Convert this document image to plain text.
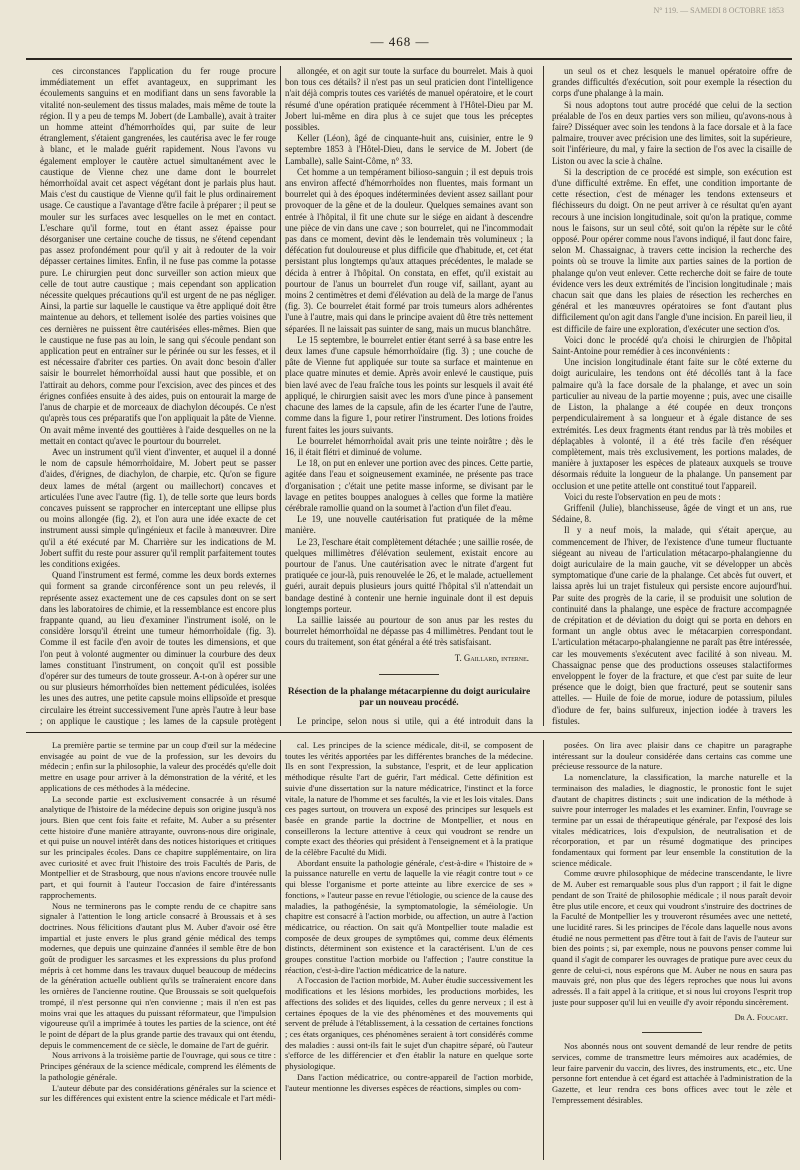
N° 119. — SAMEDI 8 OCTOBRE 1853
— 468 —

ces circonstances l'application du fer rouge procure immédiatement un effet avantageux, en supprimant les écoulements sanguins et en modifiant dans un sens favorable la vitalité non-seulement des tissus malades, mais même de toute la région. Il y a peu de temps M. Jobert (de Lamballe), avait à traiter un homme atteint d'hémorrhoïdes qui, par suite de leur étranglement, s'étaient gangrenées, les cautérisa avec le fer rouge à blanc, et le malade guérit rapidement. Nous l'avons vu également employer le cautère actuel simultanément avec le caustique de Vienne chez une dame dont le bourrelet hémorrhoïdal avait cet aspect végétant dont je parlais plus haut. Mais c'est du caustique de Vienne qu'il fait le plus ordinairement usage. Ce caustique a l'avantage d'être facile à préparer ; il peut se mouler sur les surfaces avec lesquelles on le met en contact. L'eschare qu'il forme, tout en étant assez épaisse pour désorganiser une certaine couche de tissus, ne s'étend cependant pas assez profondément pour qu'il y ait à redouter de la voir dépasser certaines limites. Enfin, il ne fuse pas comme la potasse pure. Le chirurgien peut donc surveiller son action mieux que celle de tout autre caustique ; mais cependant son application nécessite quelques précautions qu'il est urgent de ne pas négliger. Ainsi, la partie sur laquelle le caustique va être appliqué doit être maintenue au dehors, et tellement isolée des parties voisines que ces dernières ne puissent être cautérisées elles-mêmes. Bien que le caustique ne fuse pas au loin, le sang qui s'écoule pendant son application peut en entraîner sur le périnée ou sur les fesses, et il est nécessaire d'abriter ces parties. On avait donc besoin d'aller saisir le bourrelet hémorrhoïdal aussi haut que possible, et on l'attirait au dehors, comme pour l'excision, avec des pinces et des érignes confiées ensuite à des aides, puis on entourait la marge de l'anus de charpie et de morceaux de diachylon découpés. Ce n'est qu'après tous ces préparatifs que l'on appliquait la pâte de Vienne. On avait même inventé des gouttières à l'aide desquelles on ne la mettait en contact qu'avec le pourtour du bourrelet.

Avec un instrument qu'il vient d'inventer, et auquel il a donné le nom de capsule hémorrhoïdaire, M. Jobert peut se passer d'aides, d'érignes, de diachylon, de charpie, etc. Qu'on se figure deux lames de métal (argent ou maillechort) concaves et articulées l'une avec l'autre (fig. 1), de telle sorte que leurs bords concaves puissent se rapprocher en interceptant une ellipse plus ou moins allongée (fig. 2), et l'on aura une idée exacte de cet instrument aussi simple qu'ingénieux et facile à manœuvrer. Dire qu'il a été exécuté par M. Charrière sur les indications de M. Jobert suffit du reste pour assurer qu'il remplit parfaitement toutes les conditions exigées.

Quand l'instrument est fermé, comme les deux bords externes qui forment sa grande circonférence sont un peu relevés, il représente assez exactement une de ces capsules dont on se sert dans les laboratoires de chimie, et la ressemblance est encore plus frappante quand, au lieu d'examiner l'instrument isolé, on le considère lorsqu'il étreint une tumeur hémorrhoïdale (fig. 3). Comme il est facile d'en avoir de toutes les dimensions, et que l'on peut à volonté augmenter ou diminuer la courbure des deux lames constituant l'instrument, on conçoit qu'il est possible d'opérer sur des tumeurs de toute grosseur. A-t-on à opérer sur une ou sur plusieurs hémorrhoïdes bien nettement pédiculées, isolées les unes des autres, une petite capsule moins ellipsoïde et presque circulaire les étreint successivement l'une après l'autre à leur base ; on applique le caustique ; les lames de la capsule protègent

allongée, et on agit sur toute la surface du bourrelet. Mais à quoi bon tous ces détails? il n'est pas un seul praticien dont l'intelligence n'ait déjà compris toutes ces variétés de manuel opératoire, et le court résumé d'une opération pratiquée récemment à l'Hôtel-Dieu par M. Jobert lui-même en dira plus à ce sujet que tous les préceptes possibles.

Keller (Léon), âgé de cinquante-huit ans, cuisinier, entre le 9 septembre 1853 à l'Hôtel-Dieu, dans le service de M. Jobert (de Lamballe), salle Saint-Côme, n° 33.

Cet homme a un tempérament bilioso-sanguin ; il est depuis trois ans environ affecté d'hémorrhoïdes non fluentes, mais formant un bourrelet qui à des époques indéterminées devient assez saillant pour provoquer de la gêne et de la douleur. Quelques semaines avant son entrée à l'hôpital, il fit une chute sur le siége en aidant à descendre une pièce de vin dans une cave ; son bourrelet, qui ne l'incommodait pas dans ce moment, devint dès le lendemain très volumineux ; la défécation fut douloureuse et plus difficile que d'habitude, et, cet état persistant plus longtemps qu'aux attaques précédentes, le malade se décida à entrer à l'hôpital. On constata, en effet, qu'il existait au pourtour de l'anus un bourrelet d'un rouge vif, saillant, ayant au moins 2 centimètres et demi d'élévation au delà de la marge de l'anus (fig. 3). Ce bourrelet était formé par trois tumeurs alors adhérentes l'une à l'autre, mais qui dans le principe avaient dû être très nettement séparées. Il ne laissait pas suinter de sang, mais un mucus blanchâtre.

Le 15 septembre, le bourrelet entier étant serré à sa base entre les deux lames d'une capsule hémorrhoïdaire (fig. 3) ; une couche de pâte de Vienne fut appliquée sur toute sa surface et maintenue en place quatre minutes et demie. Après avoir enlevé le caustique, puis bien lavé avec de l'eau fraîche tous les points sur lesquels il avait été appliqué, le chirurgien saisit avec les mors d'une pince à pansement chacune des lames de la capsule, afin de les écarter l'une de l'autre, comme dans la figure 1, pour retirer l'instrument. Des lotions froides furent faites les jours suivants.

Le bourrelet hémorrhoïdal avait pris une teinte noirâtre ; dès le 16, il était flétri et diminué de volume.

Le 18, on put en enlever une portion avec des pinces. Cette partie, agitée dans l'eau et soigneusement examinée, ne présente pas trace d'organisation ; c'était une petite masse informe, se divisant par le lavage en petites bouppes analogues à celles que forme la matière cérébrale ramollie quand on la soumet à l'action d'un filet d'eau.

Le 19, une nouvelle cautérisation fut pratiquée de la même manière.

Le 23, l'eschare était complètement détachée ; une saillie rosée, de quelques millimètres d'élévation seulement, existait encore au pourtour de l'anus. Une cautérisation avec le nitrate d'argent fut pratiquée ce jour-là, puis renouvelée le 26, et le malade, actuellement guéri, aurait depuis plusieurs jours quitté l'hôpital s'il n'attendait un bandage destiné à contenir une hernie inguinale dont il est depuis longtemps porteur.

La saillie laissée au pourtour de son anus par les restes du bourrelet hémorrhoïdal ne dépasse pas 4 millimètres. Pendant tout le cours du traitement, son état général a été très satisfaisant.

T. Gaillard, interne.

Résection de la phalange métacarpienne du doigt auriculaire par un nouveau procédé.

Le principe, selon nous si utile, qui a été introduit dans la

un seul os et chez lesquels le manuel opératoire offre de grandes difficultés d'exécution, soit pour exemple la résection du corps d'une phalange à la main.

Si nous adoptons tout autre procédé que celui de la section préalable de l'os en deux parties vers son milieu, qu'avons-nous à faire? Disséquer avec soin les tendons à la face dorsale et à la face palmaire, trouver avec précision une des limites, soit la supérieure, soit l'inférieure, du mal, y faire la section de l'os avec la cisaille de Liston ou avec la scie à chaîne.

Si la description de ce procédé est simple, son exécution est d'une difficulté extrême. En effet, une condition importante de cette résection, c'est de ménager les tendons extenseurs et fléchisseurs du doigt. On ne peut arriver à ce résultat qu'en ayant recours à une incision longitudinale, soit qu'on la pratique, comme nous le faisons, sur un seul côté, soit qu'on la répète sur le côté opposé. Pour opérer comme nous l'avons indiqué, il faut donc faire, selon M. Chassaignac, à travers cette incision la recherche des points où se trouve la limite aux parties saines de la portion de phalange qu'on veut enlever. Cette recherche doit se faire de toute évidence vers les deux extrémités de l'incision longitudinale ; mais chacun sait que dans les plaies de résection les recherches en général et les manœuvres opératoires se font d'autant plus difficilement qu'on agit dans l'angle d'une incision. En pareil lieu, il est difficile de faire une exploration, d'exécuter une section d'os.

Voici donc le procédé qu'a choisi le chirurgien de l'hôpital Saint-Antoine pour remédier à ces inconvénients :

Une incision longitudinale étant faite sur le côté externe du doigt auriculaire, les tendons ont été décollés tant à la face palmaire qu'à la face dorsale de la phalange, et avec un soin particulier au niveau de la partie moyenne ; puis, avec une cisaille de Liston, la phalange a été coupée en deux tronçons perpendiculairement à sa longueur et à égale distance de ses extrémités. Les deux fragments étant rendus par là très mobiles et déplaçables à volonté, il a été très facile d'en réséquer complètement, mais très exclusivement, les portions malades, de manière à juxtaposer les espèces de plateaux auxquels se trouve désormais réduite la longueur de la phalange. Un pansement par occlusion et une petite attelle ont constitué tout l'appareil.

Voici du reste l'observation en peu de mots :

Griffenil (Julie), blanchisseuse, âgée de vingt et un ans, rue Sédaine, 8.

Il y a neuf mois, la malade, qui s'était aperçue, au commencement de l'hiver, de l'existence d'une tumeur fluctuante siégeant au niveau de l'articulation métacarpo-phalangienne du doigt auriculaire de la main gauche, vit se développer un abcès symptomatique d'une carie de la phalange. Cet abcès fut ouvert, et laissa après lui un trajet fistuleux qui persiste encore aujourd'hui. Par suite des progrès de la carie, il se produisit une solution de continuité dans la phalange, une espèce de fracture accompagnée de crépitation et de déviation du doigt qui se porta en dehors en formant un angle obtus avec le métacarpien correspondant. L'articulation métacarpo-phalangienne ne paraît pas être intéressée, car les mouvements s'exécutent avec facilité à son niveau. M. Chassaignac pense que des productions osseuses stalactiformes enveloppent le foyer de la fracture, et que c'est par suite de leur présence que le doigt, bien que fracturé, peut se soutenir sans attelles. — Huile de foie de morue, iodure de potassium, pilules d'iodure de fer, bains sulfureux, injection iodée à travers les fistules.

La première partie se termine par un coup d'œil sur la médecine envisagée au point de vue de la profession, sur les devoirs du médecin ; enfin sur la philosophie, la valeur des procédés qu'elle doit mettre en usage pour arriver à la démonstration de la vérité, et les applications de ces méthodes à la médecine.

La seconde partie est exclusivement consacrée à un résumé analytique de l'histoire de la médecine depuis son origine jusqu'à nos jours. Bien que cent fois faite et refaite, M. Auber a su présenter cette histoire d'une manière attrayante, ouvrons-nous dire originale, et qui puise un nouvel intérêt dans des notices historiques et critiques sur les principales écoles. Dans ce chapitre supplémentaire, on lira avec curiosité et avec fruit l'histoire des trois Facultés de Paris, de Montpellier et de Strasbourg, que nous n'avions encore trouvée nulle part, et qui fournit à l'auteur l'occasion de faire d'intéressants rapprochements.

Nous ne terminerons pas le compte rendu de ce chapitre sans signaler à l'attention le long article consacré à Broussais et à ses doctrines. Nous félicitions d'autant plus M. Auber d'avoir osé être impartial et juste envers le plus grand génie médical des temps modernes, que depuis une quinzaine d'années il semble être de bon goût de prodiguer les sarcasmes et les expressions du plus profond mépris à cet homme dans les travaux duquel beaucoup de médecins de la génération actuelle oublient qu'ils se traîneraient encore dans les ornières de l'ancienne routine. Que Broussais se soit quelquefois trompé, il n'est personne qui n'en convienne ; mais il n'en est pas moins vrai que les attaques du puissant réformateur, que l'impulsion vigoureuse qu'il a imprimée à toutes les parties de la science, ont été le point de départ de la plus grande partie des travaux qui ont étendu, depuis le commencement de ce siècle, le domaine de l'art de guérir.

Nous arrivons à la troisième partie de l'ouvrage, qui sous ce titre : Principes généraux de la science médicale, comprend les éléments de la pathologie générale.

L'auteur débute par des considérations générales sur la science et sur les différences qui existent entre la science médicale et l'art médi-

cal. Les principes de la science médicale, dit-il, se composent de toutes les vérités apportées par les différentes branches de la médecine. Ils en sont l'expression, la substance, l'esprit, et de leur application méthodique résulte l'art de guérir, l'art médical. Cette définition est suivie d'une dissertation sur la nature médicatrice, l'instinct et la force vitale, la nature de l'homme et ses facultés, la vie et les lois vitales. Dans ces pages surtout, on trouvera un exposé des principes sur lesquels est basée en grande partie la doctrine de Montpellier, et nous en conseillerons la lecture attentive à ceux qui voudront se rendre un compte exact des théories qui président à l'enseignement et à la pratique de la célèbre Faculté du Midi.

Abordant ensuite la pathologie générale, c'est-à-dire « l'histoire de » la puissance naturelle en vertu de laquelle la vie réagit contre tout » ce qui blesse l'organisme et porte atteinte au libre exercice de ses » fonctions, » l'auteur passe en revue l'étiologie, ou science de la cause des maladies, la pathogénésie, la symptomatologie, la séméiologie. Un chapitre est consacré à l'action morbide, ou affection, un autre à l'action médicatrice, ou réaction. On sait qu'à Montpellier toute maladie est composée de deux groupes de symptômes qui, comme deux éléments distincts, déterminent son existence et la caractérisent. L'un de ces groupes constitue l'action morbide ou l'affection ; l'autre constitue la réaction, c'est-à-dire l'action médicatrice de la nature.

A l'occasion de l'action morbide, M. Auber étudie successivement les modifications et les lésions morbides, les productions morbides, les affections des solides et des liquides, celles du genre nerveux ; il est à certaines époques de la vie des phénomènes et des mouvements qui servent de prélude à l'établissement, à la cessation de certaines fonctions ; ces états organiques, ces phénomènes seraient à tort considérés comme des maladies : aussi ont-ils fait le sujet d'un chapitre séparé, où l'auteur s'efforce de les différencier et d'en établir la nature en quelque sorte physiologique.

Dans l'action médicatrice, ou contre-appareil de l'action morbide, l'auteur mentionne les diverses espèces de réactions, simples ou com-

posées. On lira avec plaisir dans ce chapitre un paragraphe intéressant sur la douleur considérée dans certains cas comme une précieuse ressource de la nature.

La nomenclature, la classification, la marche naturelle et la terminaison des maladies, le diagnostic, le pronostic font le sujet d'autant de chapitres distincts ; suit une indication de la méthode à suivre pour interroger les malades et les examiner. Enfin, l'ouvrage se termine par un essai de thérapeutique générale, par l'exposé des lois vitales médicatrices, lois d'expulsion, de neutralisation et de récorporation, et par un résumé dogmatique des principes fondamentaux qui forment par leur ensemble la constitution de la science médicale.

Comme œuvre philosophique de médecine transcendante, le livre de M. Auber est remarquable sous plus d'un rapport ; il fait le digne pendant de son Traité de philosophie médicale ; il nous paraît devoir être plus utile encore, et ceux qui voudront s'instruire des doctrines de la Faculté de Montpellier les y trouveront résumées avec une netteté, une lucidité rares. Si les principes de l'école dans laquelle nous avons étudié ne nous permettent pas d'être tout à fait de l'avis de l'auteur sur bien des points ; si, par exemple, nous ne pouvons penser comme lui quand il s'agit de comparer les ouvrages de pratique pure avec ceux du genre de celui-ci, nous espérons que M. Auber ne nous en saura pas mauvais gré, non plus que des légers reproches que nous lui avons adressés. Il a fait appel à la critique, et si nous lui croyons l'esprit trop juste pour supposer qu'il lui en veuille d'y avoir répondu sincèrement.

Dr A. Foucart.

Nos abonnés nous ont souvent demandé de leur rendre de petits services, comme de transmettre leurs mémoires aux académies, de leur faire parvenir du vaccin, des livres, des instruments, etc., etc. Une personne fort entendue à cet égard est attachée à l'administration de la Gazette, et leur rendra ces bons offices avec tout le zèle et l'empressement désirables.
